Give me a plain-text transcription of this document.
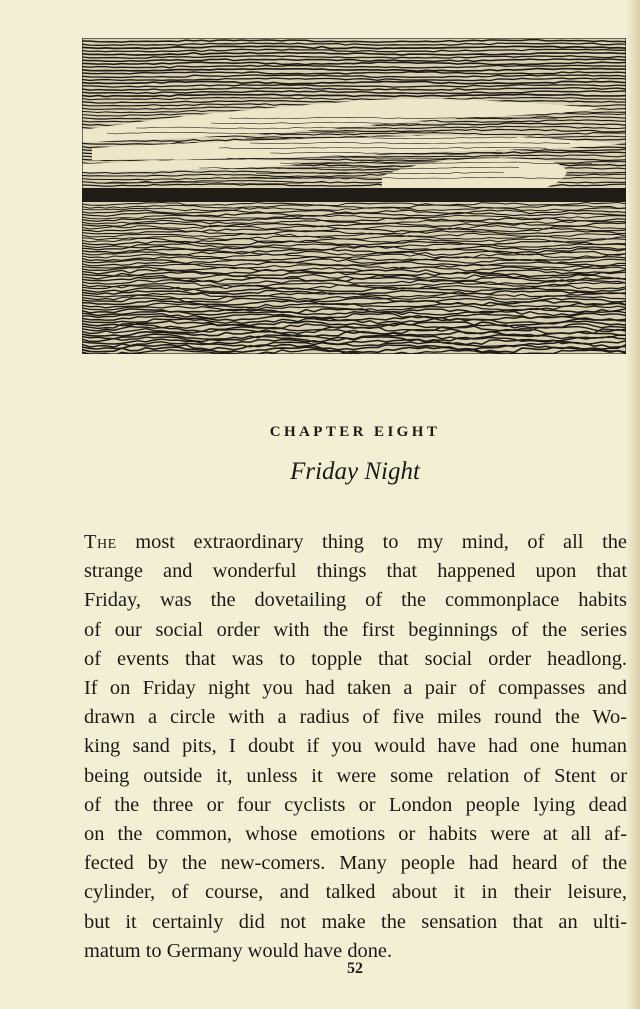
CHAPTER EIGHT
Friday Night
The most extraordinary thing to my mind, of all the
strange and wonderful things that happened upon that
Friday, was the dovetailing of the commonplace habits
of our social order with the first beginnings of the series
of events that was to topple that social order headlong.
If on Friday night you had taken a pair of compasses and
drawn a circle with a radius of five miles round the Wo-
king sand pits, I doubt if you would have had one human
being outside it, unless it were some relation of Stent or
of the three or four cyclists or London people lying dead
on the common, whose emotions or habits were at all af-
fected by the new-comers. Many people had heard of the
cylinder, of course, and talked about it in their leisure,
but it certainly did not make the sensation that an ulti-
matum to Germany would have done.
52
